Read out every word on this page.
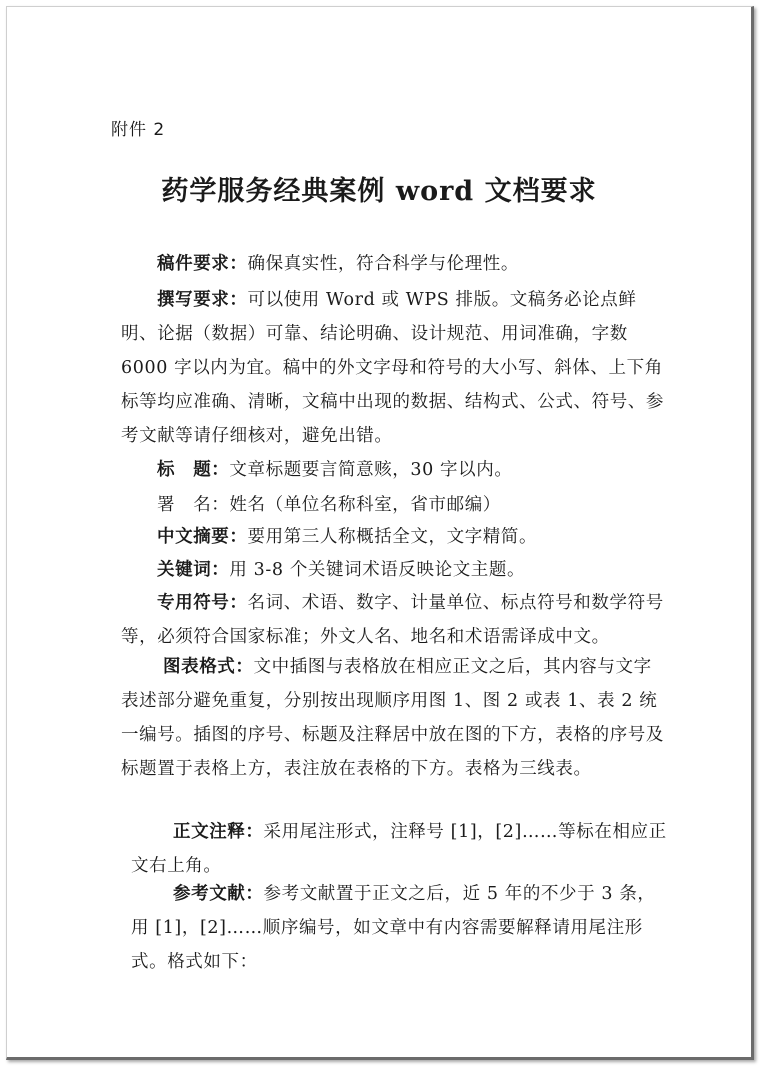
附件 2
药学服务经典案例 word 文档要求
稿件要求：确保真实性，符合科学与伦理性。
撰写要求：可以使用 Word 或 WPS 排版。文稿务必论点鲜明、论据（数据）可靠、结论明确、设计规范、用词准确，字数 6000 字以内为宜。稿中的外文字母和符号的大小写、斜体、上下角标等均应准确、清晰，文稿中出现的数据、结构式、公式、符号、参考文献等请仔细核对，避免出错。
标　题：文章标题要言简意赅，30 字以内。
署　名：姓名（单位名称科室，省市邮编）
中文摘要：要用第三人称概括全文，文字精简。
关键词：用 3-8 个关键词术语反映论文主题。
专用符号：名词、术语、数字、计量单位、标点符号和数学符号等，必须符合国家标准；外文人名、地名和术语需译成中文。
图表格式：文中插图与表格放在相应正文之后，其内容与文字表述部分避免重复，分别按出现顺序用图 1、图 2 或表 1、表 2 统一编号。插图的序号、标题及注释居中放在图的下方，表格的序号及标题置于表格上方，表注放在表格的下方。表格为三线表。
正文注释：采用尾注形式，注释号 [1]，[2]……等标在相应正文右上角。
参考文献：参考文献置于正文之后，近 5 年的不少于 3 条，用 [1]，[2]……顺序编号，如文章中有内容需要解释请用尾注形式。格式如下：
